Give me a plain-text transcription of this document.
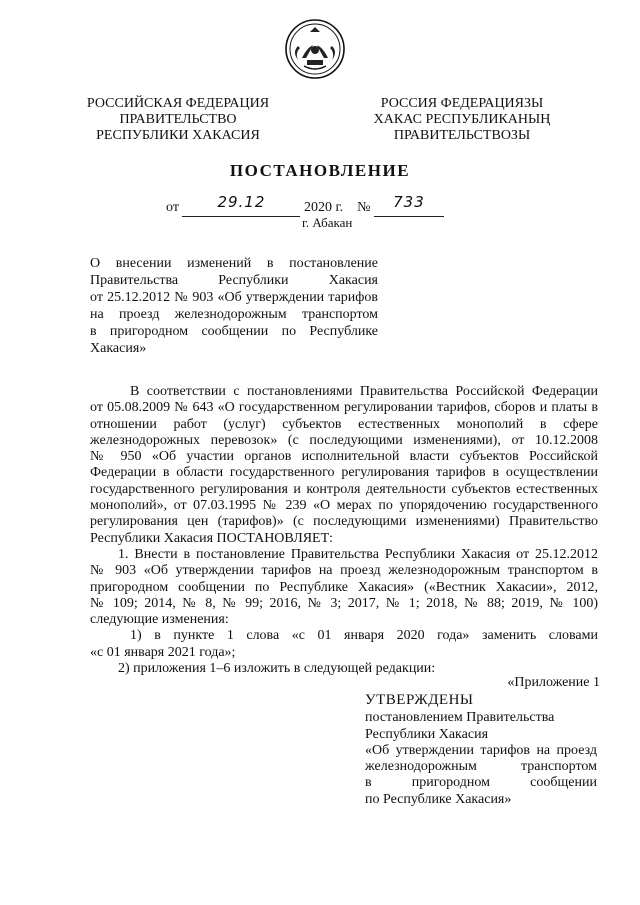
РОССИЙСКАЯ ФЕДЕРАЦИЯ
ПРАВИТЕЛЬСТВО
РЕСПУБЛИКИ ХАКАСИЯ
РОССИЯ ФЕДЕРАЦИЯЗЫ
ХАКАС РЕСПУБЛИКАНЫҢ
ПРАВИТЕЛЬСТВОЗЫ
ПОСТАНОВЛЕНИЕ
от	29.12	2020 г. № 733
г. Абакан
О внесении изменений в постановление
Правительства Республики Хакасия
от 25.12.2012 № 903 «Об утверждении тарифов
на проезд железнодорожным транспортом
в пригородном сообщении по Республике
Хакасия»
В соответствии с постановлениями Правительства Российской Федерации
от 05.08.2009 № 643 «О государственном регулировании тарифов, сборов и платы в
отношении работ (услуг) субъектов естественных монополий в сфере
железнодорожных перевозок» (с последующими изменениями), от 10.12.2008
№ 950 «Об участии органов исполнительной власти субъектов Российской
Федерации в области государственного регулирования тарифов в осуществлении
государственного регулирования и контроля деятельности субъектов естественных
монополий», от 07.03.1995 № 239 «О мерах по упорядочению государственного
регулирования цен (тарифов)» (с последующими изменениями) Правительство
Республики Хакасия ПОСТАНОВЛЯЕТ:
1. Внести в постановление Правительства Республики Хакасия от 25.12.2012
№ 903 «Об утверждении тарифов на проезд железнодорожным транспортом в
пригородном сообщении по Республике Хакасия» («Вестник Хакасии», 2012,
№ 109; 2014, № 8, № 99; 2016, № 3; 2017, № 1; 2018, № 88; 2019, № 100)
следующие изменения:
1) в пункте 1 слова «с 01 января 2020 года» заменить словами
«с 01 января 2021 года»;
2) приложения 1–6 изложить в следующей редакции:
«Приложение 1
УТВЕРЖДЕНЫ
постановлением Правительства
Республики Хакасия
«Об утверждении тарифов на проезд
железнодорожным транспортом
в пригородном сообщении
по Республике Хакасия»
